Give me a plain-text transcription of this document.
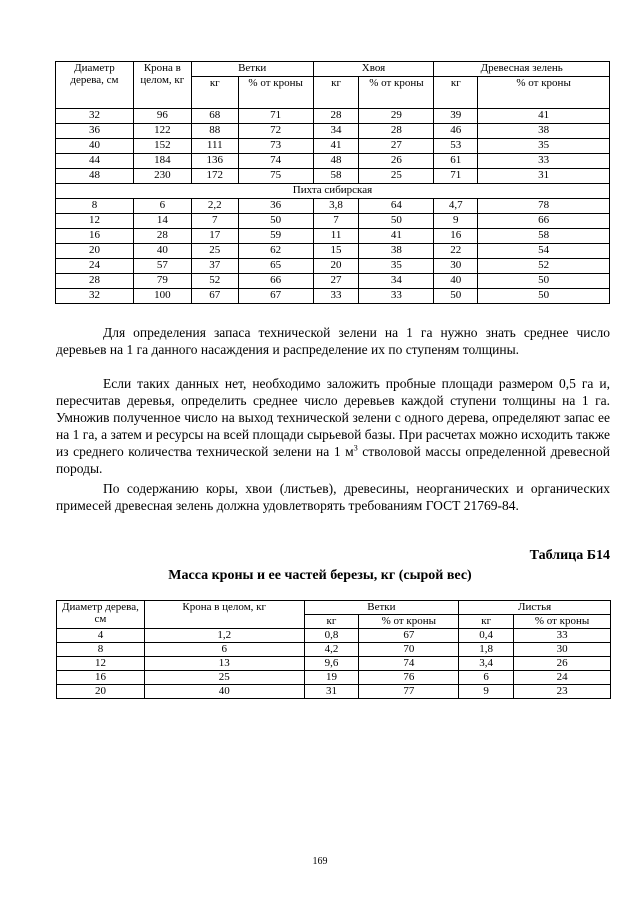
Диаметр дерева, см	Крона в целом, кг	Ветки		Хвоя		Древесная зелень	
		кг	% от кроны	кг	% от кроны	кг	% от кроны
32	96	68	71	28	29	39	41
36	122	88	72	34	28	46	38
40	152	111	73	41	27	53	35
44	184	136	74	48	26	61	33
48	230	172	75	58	25	71	31
Пихта сибирская							
8	6	2,2	36	3,8	64	4,7	78
12	14	7	50	7	50	9	66
16	28	17	59	11	41	16	58
20	40	25	62	15	38	22	54
24	57	37	65	20	35	30	52
28	79	52	66	27	34	40	50
32	100	67	67	33	33	50	50

Для определения запаса технической зелени на 1 га нужно знать среднее число деревьев на 1 га данного насаждения и распределение их по ступеням толщины.

Если таких данных нет, необходимо заложить пробные площади размером 0,5 га и, пересчитав деревья, определить среднее число деревьев каждой ступени толщины на 1 га. Умножив полученное число на выход технической зелени с одного дерева, определяют запас ее на 1 га, а затем и ресурсы на всей площади сырьевой базы. При расчетах можно исходить также из среднего количества технической зелени на 1 $м^3$ стволовой массы определенной древесной породы.

По содержанию коры, хвои (листьев), древесины, неорганических и органических примесей древесная зелень должна удовлетворять требованиям ГОСТ 21769-84.

Таблица Б14

Масса кроны и ее частей березы, кг (сырой вес)

Диаметр дерева, см	Крона в целом, кг	Ветки		Листья	
		кг	% от кроны	кг	% от кроны
4	1,2	0,8	67	0,4	33
8	6	4,2	70	1,8	30
12	13	9,6	74	3,4	26
16	25	19	76	6	24
20	40	31	77	9	23

169
